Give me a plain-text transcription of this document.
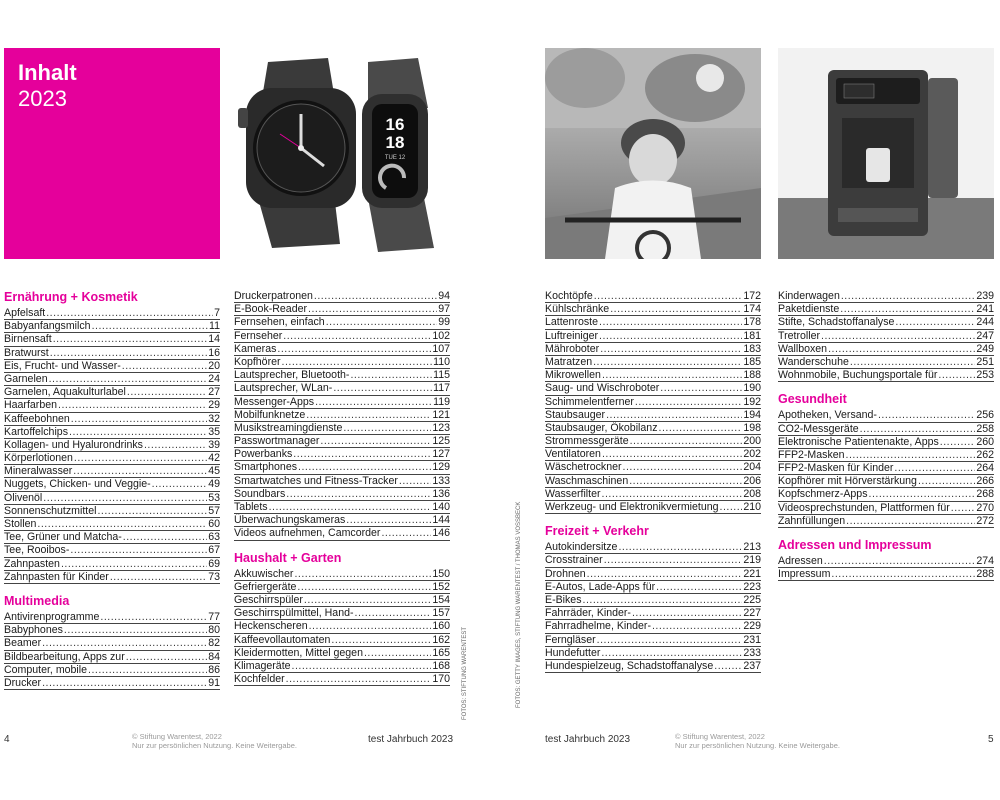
Inhalt
2023
16
18
TUE 12
Ernährung + Kosmetik
Apfelsaft .....	7
Babyanfangsmilch .....	11
Birnensaft .....	14
Bratwurst .....	16
Eis, Frucht- und Wasser- .....	20
Garnelen .....	24
Garnelen, Aquakulturlabel .....	27
Haarfarben .....	29
Kaffeebohnen .....	32
Kartoffelchips .....	35
Kollagen- und Hyalurondrinks .....	39
Körperlotionen .....	42
Mineralwasser .....	45
Nuggets, Chicken- und Veggie- .....	49
Olivenöl .....	53
Sonnenschutzmittel .....	57
Stollen .....	60
Tee, Grüner und Matcha- .....	63
Tee, Rooibos- .....	67
Zahnpasten .....	69
Zahnpasten für Kinder .....	73
Multimedia
Antivirenprogramme .....	77
Babyphones .....	80
Beamer .....	82
Bildbearbeitung, Apps zur .....	84
Computer, mobile .....	86
Drucker .....	91
Druckerpatronen .....	94
E-Book-Reader .....	97
Fernsehen, einfach .....	99
Fernseher .....	102
Kameras .....	107
Kopfhörer .....	110
Lautsprecher, Bluetooth- .....	115
Lautsprecher, WLan- .....	117
Messenger-Apps .....	119
Mobilfunknetze .....	121
Musikstreamingdienste .....	123
Passwortmanager .....	125
Powerbanks .....	127
Smartphones .....	129
Smartwatches und Fitness-Tracker .....	133
Soundbars .....	136
Tablets .....	140
Überwachungskameras .....	144
Videos aufnehmen, Camcorder .....	146
Haushalt + Garten
Akkuwischer .....	150
Gefriergeräte .....	152
Geschirrspüler .....	154
Geschirrspülmittel, Hand- .....	157
Heckenscheren .....	160
Kaffeevollautomaten .....	162
Kleidermotten, Mittel gegen .....	165
Klimageräte .....	168
Kochfelder .....	170 FOTOS: STIFTUNG WARENTEST
4	© Stiftung Warentest, 2022
Nur zur persönlichen Nutzung. Keine Weitergabe.
test Jahrbuch 2023
Kochtöpfe .....	172
Kühlschränke .....	174
Lattenroste .....	178
Luftreiniger .....	181
Mähroboter .....	183
Matratzen .....	185
Mikrowellen .....	188
Saug- und Wischroboter .....	190
Schimmelentferner .....	192
Staubsauger .....	194
Staubsauger, Ökobilanz .....	198
Strommessgeräte .....	200
Ventilatoren .....	202
Wäschetrockner .....	204
Waschmaschinen .....	206
Wasserfilter .....	208
Werkzeug- und Elektronikvermietung ..... 210
Freizeit + Verkehr
Autokindersitze .....	213
Crosstrainer .....	219
Drohnen .....	221
E-Autos, Lade-Apps für .....	223
E-Bikes .....	225
Fahrräder, Kinder- .....	227
Fahrradhelme, Kinder- .....	229
Ferngläser .....	231
Hundefutter .....	233
Hundespielzeug, Schadstoffanalyse .....	237
Kinderwagen .....	239
Paketdienste .....	241
Stifte, Schadstoffanalyse .....	244
Tretroller .....	247
Wallboxen .....	249
Wanderschuhe .....	251
Wohnmobile, Buchungsportale für .....	253
Gesundheit
Apotheken, Versand- .....	256
CO2-Messgeräte .....	258
Elektronische Patientenakte, Apps .....	260
FFP2-Masken .....	262
FFP2-Masken für Kinder .....	264
Kopfhörer mit Hörverstärkung .....	266
Kopfschmerz-Apps .....	268
Videosprechstunden, Plattformen für .....	270
Zahnfüllungen .....	272
Adressen und Impressum
Adressen .....	274
Impressum .....	288
FOTOS: GETTY IMAGES, STIFTUNG WARENTEST / THOMAS VOSSBECK
test Jahrbuch 2023	© Stiftung Warentest, 2022
Nur zur persönlichen Nutzung. Keine Weitergabe.
5
